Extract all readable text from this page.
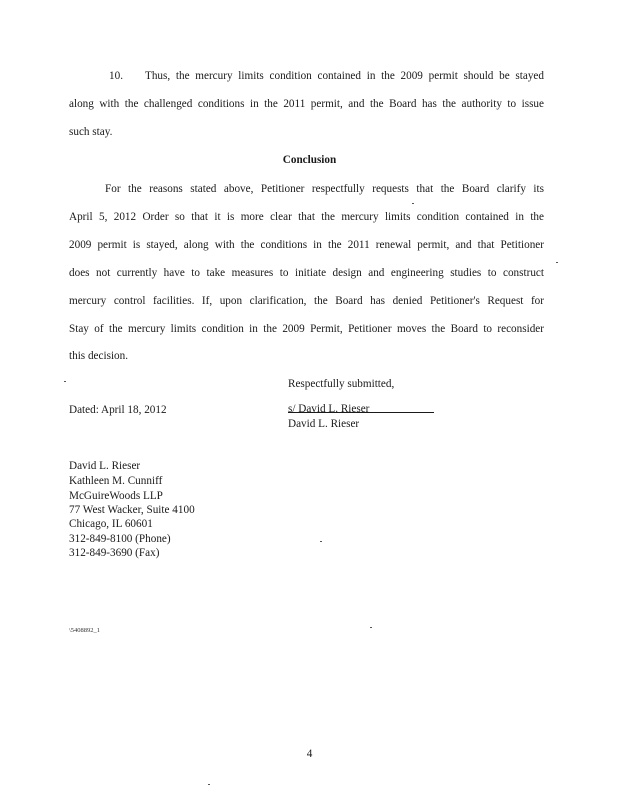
10. Thus, the mercury limits condition contained in the 2009 permit should be stayed
along with the challenged conditions in the 2011 permit, and the Board has the authority to issue
such stay.
Conclusion
For the reasons stated above, Petitioner respectfully requests that the Board clarify its
April 5, 2012 Order so that it is more clear that the mercury limits condition contained in the
2009 permit is stayed, along with the conditions in the 2011 renewal permit, and that Petitioner
does not currently have to take measures to initiate design and engineering studies to construct
mercury control facilities. If, upon clarification, the Board has denied Petitioner's Request for
Stay of the mercury limits condition in the 2009 Permit, Petitioner moves the Board to reconsider
this decision.
Respectfully submitted,
Dated: April 18, 2012	s/ David L. Rieser
David L. Rieser
David L. Rieser
Kathleen M. Cunniff
McGuireWoods LLP
77 West Wacker, Suite 4100
Chicago, IL 60601
312-849-8100 (Phone)
312-849-3690 (Fax)
\5408892_1
4
